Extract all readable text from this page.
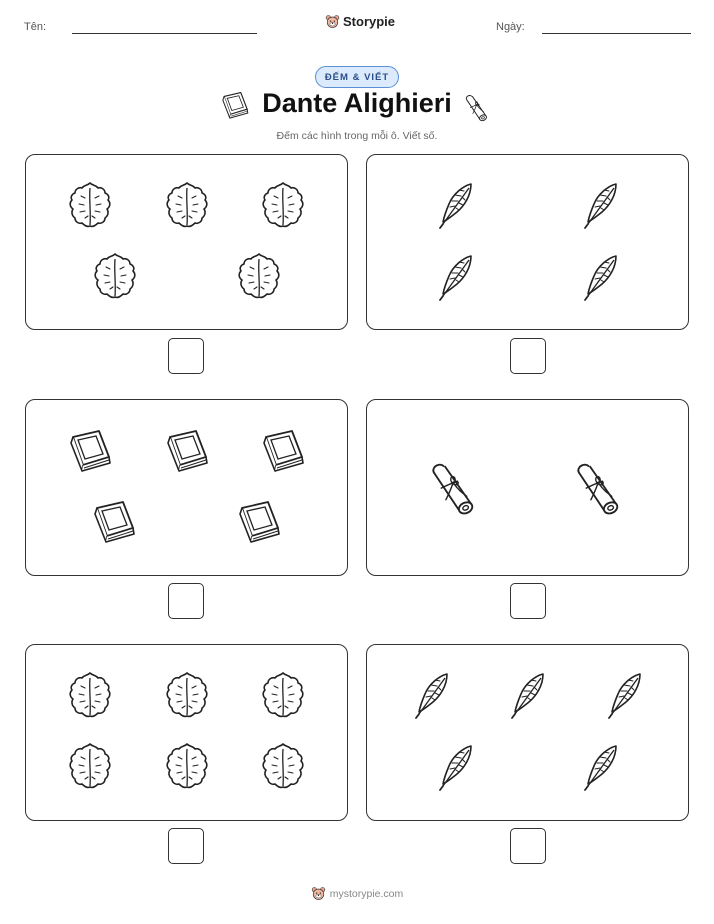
Tên:	Storypie	Ngày:
ĐẾM & VIẾT
Dante Alighieri
Đếm các hình trong mỗi ô. Viết số.
mystorypie.com
